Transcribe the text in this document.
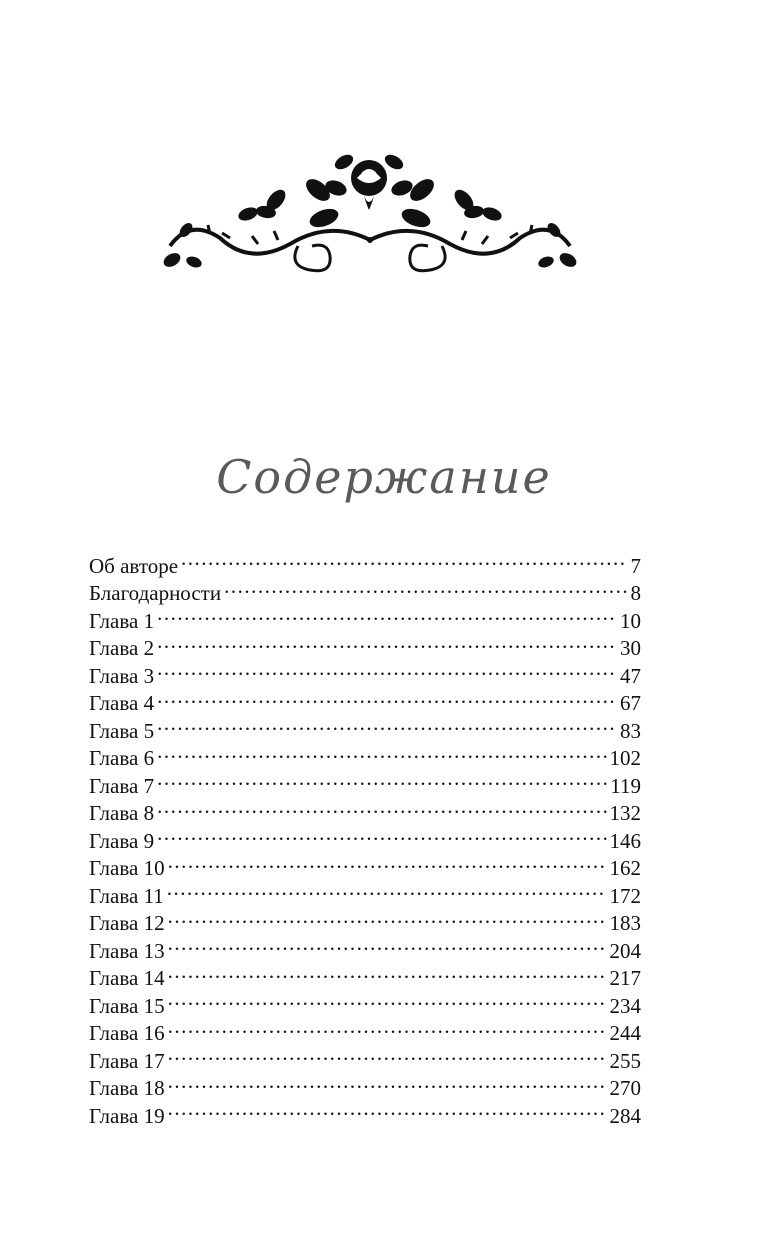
Содержание
Об авторе .....	7
Благодарности .....	8
Глава 1 .....	10
Глава 2 .....	30
Глава 3 .....	47
Глава 4 .....	67
Глава 5 .....	83
Глава 6 .....	102
Глава 7 .....	119
Глава 8 .....	132
Глава 9 .....	146
Глава 10 .....	162
Глава 11 .....	172
Глава 12 .....	183
Глава 13 .....	204
Глава 14 .....	217
Глава 15 .....	234
Глава 16 .....	244
Глава 17 .....	255
Глава 18 .....	270
Глава 19 .....	284
